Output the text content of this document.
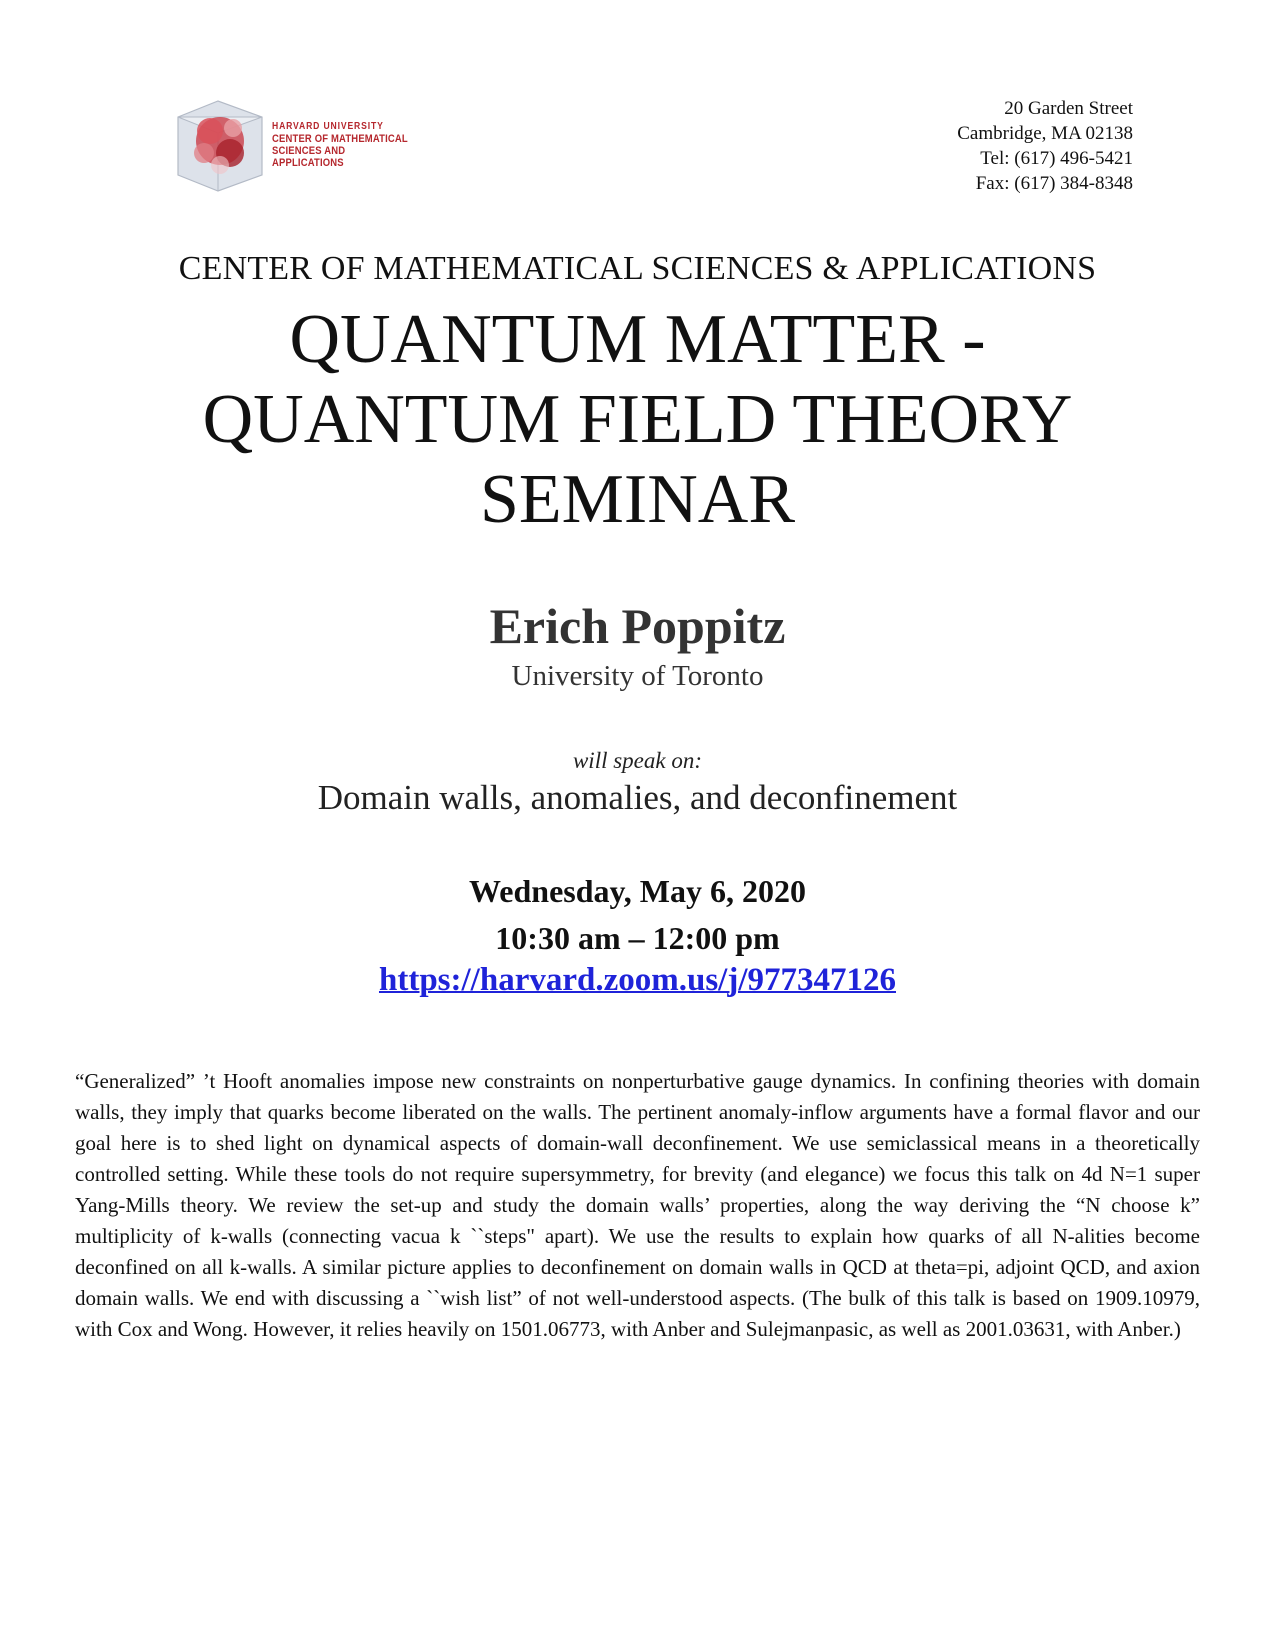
HARVARD UNIVERSITY
CENTER OF MATHEMATICAL
SCIENCES AND APPLICATIONS
20 Garden Street
Cambridge, MA 02138
Tel: (617) 496-5421
Fax: (617) 384-8348
CENTER OF MATHEMATICAL SCIENCES & APPLICATIONS
QUANTUM MATTER -
QUANTUM FIELD THEORY
SEMINAR
Erich Poppitz
University of Toronto
will speak on:
Domain walls, anomalies, and deconfinement
Wednesday, May 6, 2020
10:30 am – 12:00 pm
https://harvard.zoom.us/j/977347126
“Generalized” ’t Hooft anomalies impose new constraints on nonperturbative gauge dynamics. In confining theories with domain walls, they imply that quarks become liberated on the walls. The pertinent anomaly-inflow arguments have a formal flavor and our goal here is to shed light on dynamical aspects of domain-wall deconfinement. We use semiclassical means in a theoretically controlled setting. While these tools do not require supersymmetry, for brevity (and elegance) we focus this talk on 4d N=1 super Yang-Mills theory. We review the set-up and study the domain walls’ properties, along the way deriving the “N choose k” multiplicity of k-walls (connecting vacua k ``steps" apart). We use the results to explain how quarks of all N-alities become deconfined on all k-walls. A similar picture applies to deconfinement on domain walls in QCD at theta=pi, adjoint QCD, and axion domain walls. We end with discussing a ``wish list” of not well-understood aspects. (The bulk of this talk is based on 1909.10979, with Cox and Wong. However, it relies heavily on 1501.06773, with Anber and Sulejmanpasic, as well as 2001.03631, with Anber.)
